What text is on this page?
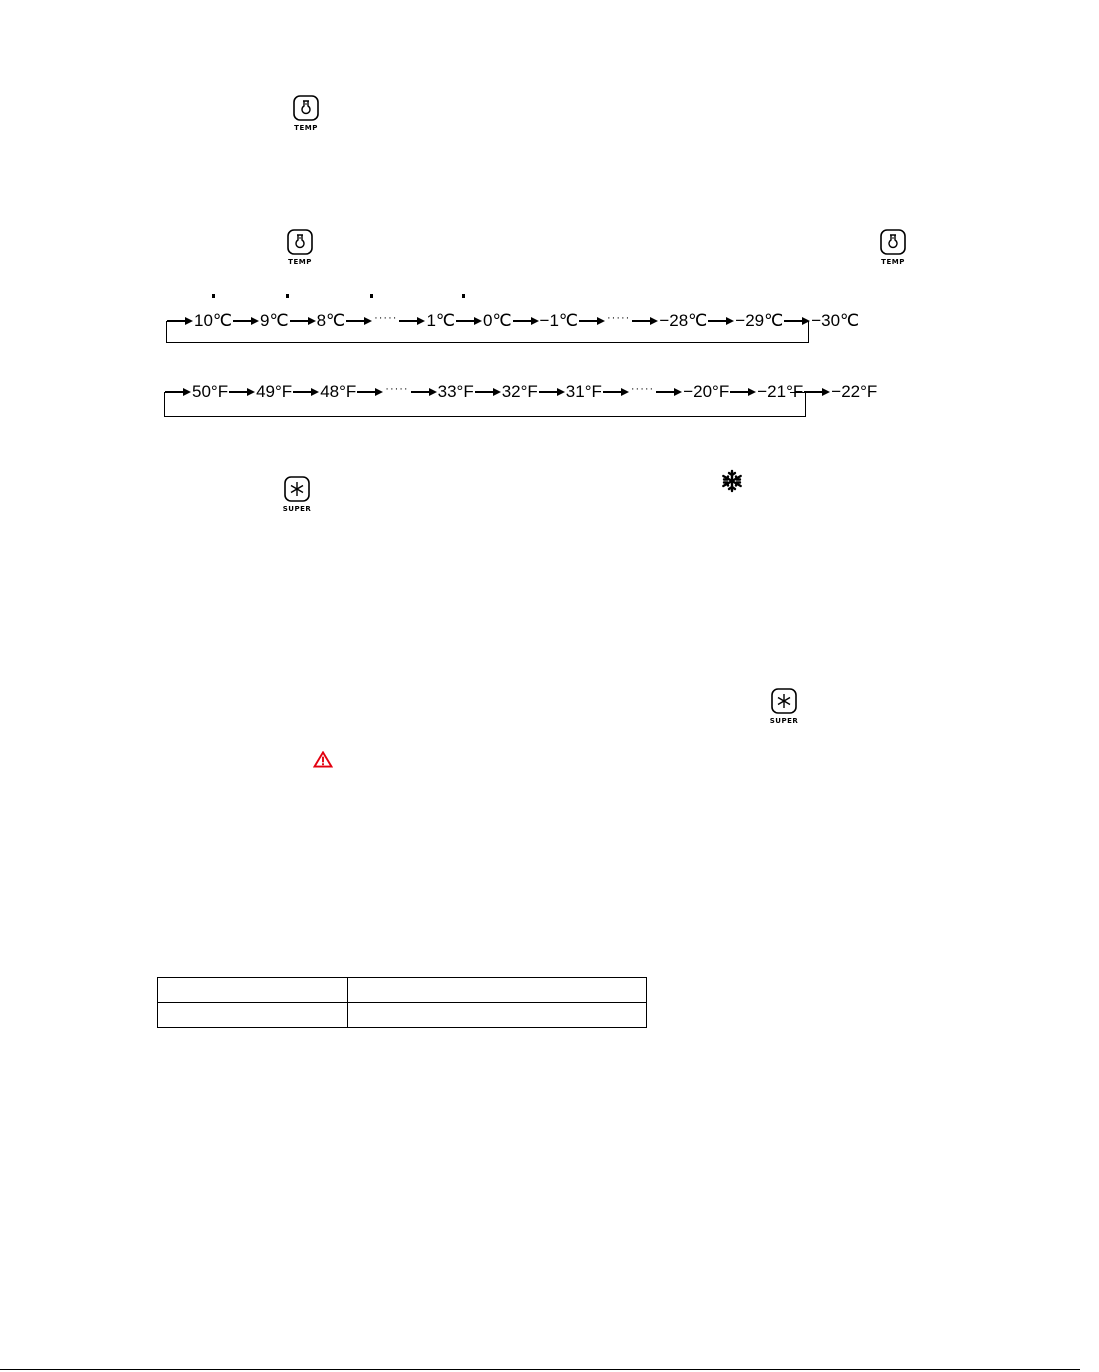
TEMP
TEMP	TEMP
10℃ 9℃ 8℃	····· 1℃ 0℃ −1℃	····· −28℃ −29℃ −30℃
50°F 49°F 48°F	····· 33°F 32°F 31°F	····· −20°F −21°F −22°F
SUPER
SUPER
